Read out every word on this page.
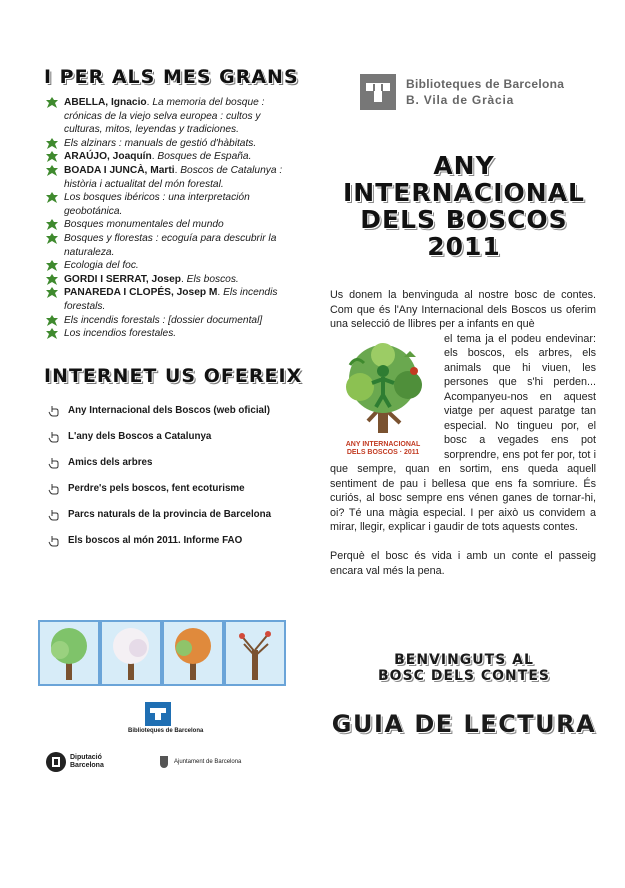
I PER ALS MES GRANS
ABELLA, Ignacio. La memoria del bosque : crónicas de la viejo selva europea : cultos y culturas, mitos, leyendas y tradiciones.
Els alzinars : manuals de gestió d'hàbitats.
ARAÚJO, Joaquín. Bosques de España.
BOADA I JUNCÀ, Marti. Boscos de Catalunya : història i actualitat del món forestal.
Los bosques ibéricos : una interpretación geobotánica.
Bosques monumentales del mundo
Bosques y florestas : ecoguía para descubrir la naturaleza.
Ecologia del foc.
GORDI I SERRAT, Josep. Els boscos.
PANAREDA I CLOPÉS, Josep M. Els incendis forestals.
Els incendis forestals : [dossier documental]
Los incendios forestales.
INTERNET US OFEREIX
Any Internacional dels Boscos (web oficial)
L'any dels Boscos a Catalunya
Amics dels arbres
Perdre's pels boscos, fent ecoturisme
Parcs naturals de la provincia de Barcelona
Els boscos al món 2011. Informe FAO
Biblioteques de Barcelona
Diputació
Barcelona	Ajuntament de Barcelona
Biblioteques de Barcelona
B. Vila de Gràcia
ANY
INTERNACIONAL
DELS BOSCOS 2011

Us donem la benvinguda al nostre bosc de contes. Com que és l'Any Internacional dels Boscos us oferim una selecció de llibres per a infants en què

ANY INTERNACIONAL
DELS BOSCOS · 2011

el tema ja el podeu endevinar: els boscos, els arbres, els animals que hi viuen, les persones que s'hi perden... Acompanyeu-nos en aquest viatge per aquest paratge tan especial. No tingueu por, el bosc a vegades ens pot sorprendre, ens pot fer por, tot i que sempre, quan en sortim, ens queda aquell sentiment de pau i bellesa que ens fa somriure. És curiós, al bosc sempre ens vénen ganes de tornar-hi, oi? Té una màgia especial. I per això us convidem a mirar, llegir, explicar i gaudir de tots aquests contes.

Perquè el bosc és vida i amb un conte el passeig encara val més la pena.

BENVINGUTS AL
BOSC DELS CONTES
GUIA DE LECTURA
